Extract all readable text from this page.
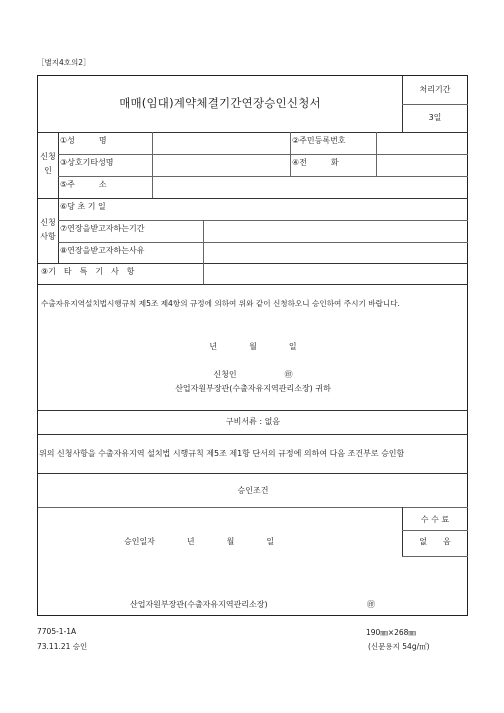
［별지4호의2］
매매(임대)계약체결기간연장승인신청서
처리기간
3일
신청인
①성　　　명	②주민등록번호
③상호기타성명	④전　　　화
⑤주　　　소
신청사항
⑥당 초 기 일
⑦연장을받고자하는기간
⑧연장을받고자하는사유
⑨기　타　특　기　사　항
수출자유지역설치법시행규칙 제5조 제4항의 규정에 의하여 위와 같이 신청하오니 승인하여 주시기 바랍니다.
년　　　　월　　　　일
신청인　　　　　　㊞
산업자원부장관(수출자유지역관리소장) 귀하
구비서류 : 없음
위의 신청사항을 수출자유지역 설치법 시행규칙 제5조 제1항 단서의 규정에 의하여 다음 조건부로 승인함
승인조건
승인일자　　　　년　　　　월　　　　일
수 수 료
없　　음
산업자원부장관(수출자유지역관리소장)	㊞
7705-1-1A
73.11.21 승인
190㎜×268㎜
(신문용지 54g/㎡)
